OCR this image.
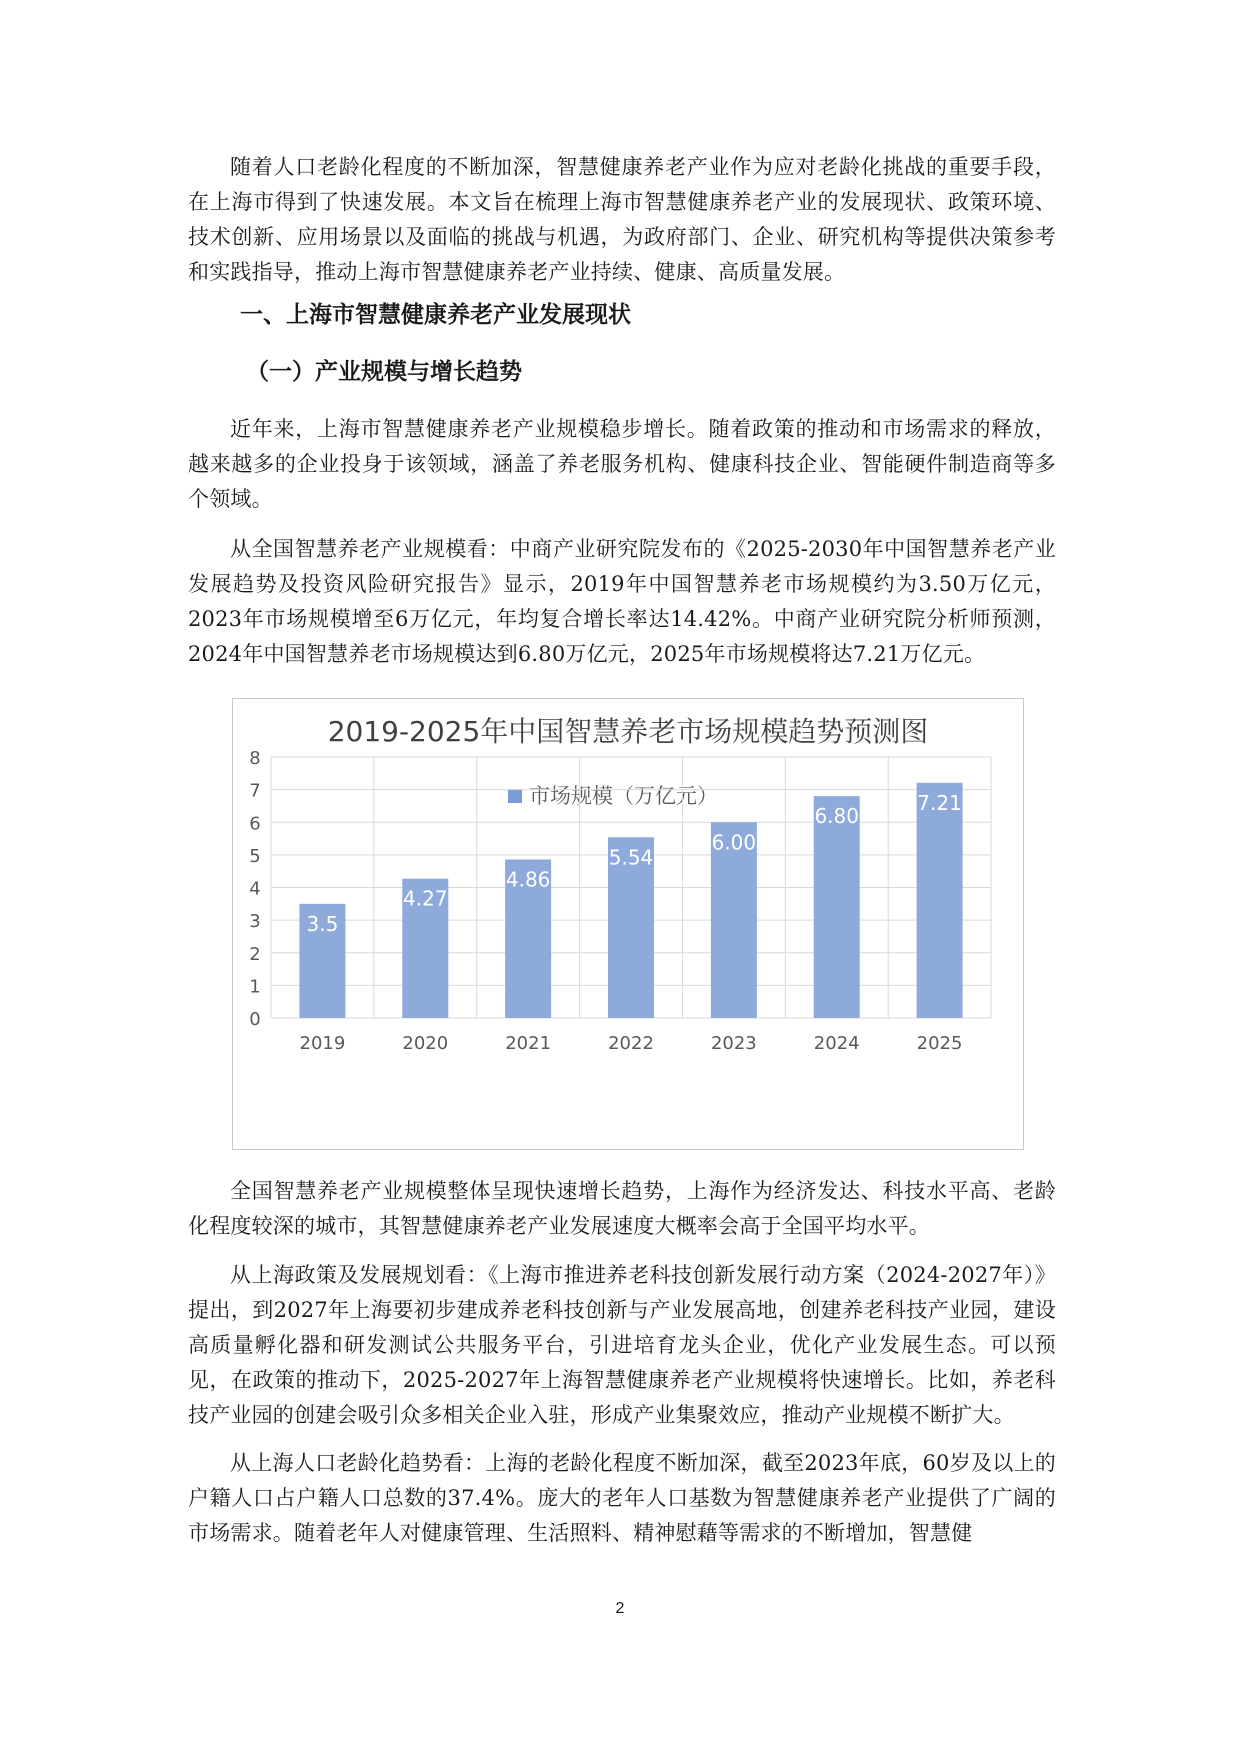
随着人口老龄化程度的不断加深，智慧健康养老产业作为应对老龄化挑战的重要手段，在上海市得到了快速发展。本文旨在梳理上海市智慧健康养老产业的发展现状、政策环境、技术创新、应用场景以及面临的挑战与机遇，为政府部门、企业、研究机构等提供决策参考和实践指导，推动上海市智慧健康养老产业持续、健康、高质量发展。

一、上海市智慧健康养老产业发展现状
（一）产业规模与增长趋势

近年来，上海市智慧健康养老产业规模稳步增长。随着政策的推动和市场需求的释放，越来越多的企业投身于该领域，涵盖了养老服务机构、健康科技企业、智能硬件制造商等多个领域。

从全国智慧养老产业规模看：中商产业研究院发布的《2025-2030年中国智慧养老产业发展趋势及投资风险研究报告》显示，2019年中国智慧养老市场规模约为3.50万亿元，2023年市场规模增至6万亿元，年均复合增长率达14.42%。中商产业研究院分析师预测，2024年中国智慧养老市场规模达到6.80万亿元，2025年市场规模将达7.21万亿元。

2019-2025年中国智慧养老市场规模趋势预测图
市场规模（万亿元）
0
1
2
3
4
5
6
7
8
3.5
4.27
4.86
5.54
6.00
6.80
7.21
2019	2020	2021	2022	2023	2024	2025

全国智慧养老产业规模整体呈现快速增长趋势，上海作为经济发达、科技水平高、老龄化程度较深的城市，其智慧健康养老产业发展速度大概率会高于全国平均水平。

从上海政策及发展规划看：《上海市推进养老科技创新发展行动方案（2024-2027年）》提出，到2027年上海要初步建成养老科技创新与产业发展高地，创建养老科技产业园，建设高质量孵化器和研发测试公共服务平台，引进培育龙头企业，优化产业发展生态。可以预见，在政策的推动下，2025-2027年上海智慧健康养老产业规模将快速增长。比如，养老科技产业园的创建会吸引众多相关企业入驻，形成产业集聚效应，推动产业规模不断扩大。

从上海人口老龄化趋势看：上海的老龄化程度不断加深，截至2023年底，60岁及以上的户籍人口占户籍人口总数的37.4%。庞大的老年人口基数为智慧健康养老产业提供了广阔的市场需求。随着老年人对健康管理、生活照料、精神慰藉等需求的不断增加，智慧健

2
